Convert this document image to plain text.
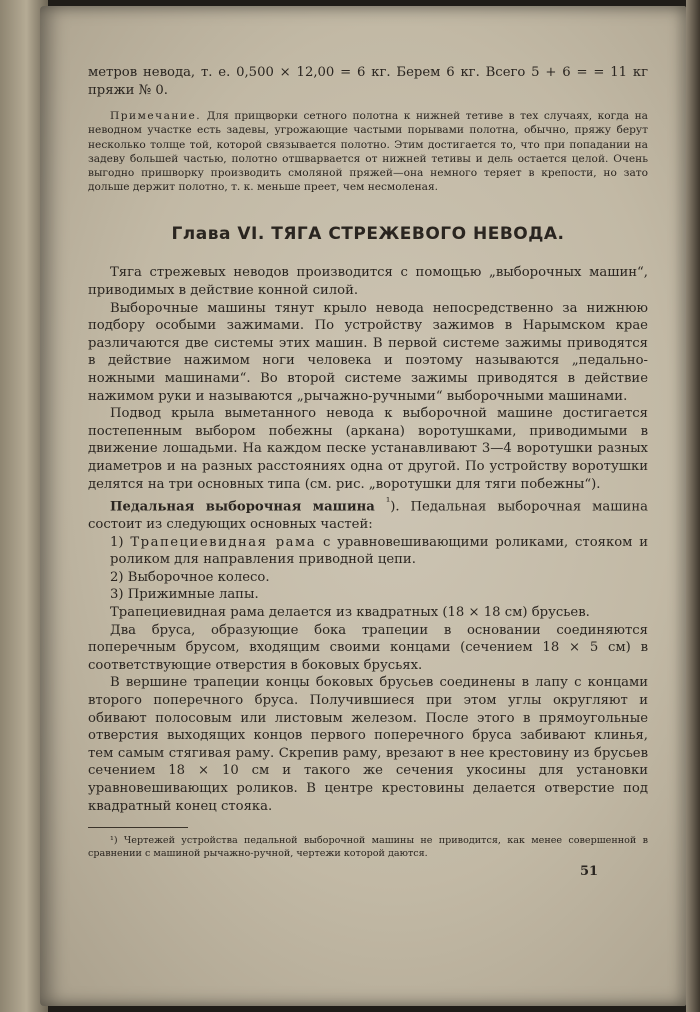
метров невода, т. е. 0,500 × 12,00 = 6 кг. Берем 6 кг. Всего 5 + 6 = = 11 кг пряжи № 0.

Примечание. Для прищворки сетного полотна к нижней тетиве в тех случаях, когда на неводном участке есть задевы, угрожающие частыми порывами полотна, обычно, пряжу берут несколько толще той, которой связывается полотно. Этим достигается то, что при попадании на задеву большей частью, полотно отшварвается от нижней тетивы и дель остается целой. Очень выгодно пришворку производить смоляной пряжей—она немного теряет в крепости, но зато дольше держит полотно, т. к. меньше преет, чем несмоленая.

Глава VI. ТЯГА СТРЕЖЕВОГО НЕВОДА.

Тяга стрежевых неводов производится с помощью „выборочных машин“, приводимых в действие конной силой.

Выборочные машины тянут крыло невода непосредственно за нижнюю подбору особыми зажимами. По устройству зажимов в Нарымском крае различаются две системы этих машин. В первой системе зажимы приводятся в действие нажимом ноги человека и поэтому называются „педально-ножными машинами“. Во второй системе зажимы приводятся в действие нажимом руки и называются „рычажно-ручными“ выборочными машинами.

Подвод крыла выметанного невода к выборочной машине достигается постепенным выбором побежны (аркана) воротушками, приводимыми в движение лошадьми. На каждом песке устанавливают 3—4 воротушки разных диаметров и на разных расстояниях одна от другой. По устройству воротушки делятся на три основных типа (см. рис. „воротушки для тяги побежны“).

Педальная выборочная машина $^{^1}$). Педальная выборочная машина состоит из следующих основных частей:

1) Трапециевидная рама с уравновешивающими роликами, стояком и роликом для направления приводной цепи.

2) Выборочное колесо.

3) Прижимные лапы.

Трапециевидная рама делается из квадратных (18 × 18 см) брусьев.

Два бруса, образующие бока трапеции в основании соединяются поперечным брусом, входящим своими концами (сечением 18 × 5 см) в соответствующие отверстия в боковых брусьях.

В вершине трапеции концы боковых брусьев соединены в лапу с концами второго поперечного бруса. Получившиеся при этом углы округляют и обивают полосовым или листовым железом. После этого в прямоугольные отверстия выходящих концов первого поперечного бруса забивают клинья, тем самым стягивая раму. Скрепив раму, врезают в нее крестовину из брусьев сечением 18 × 10 см и такого же сечения укосины для установки уравновешивающих роликов. В центре крестовины делается отверстие под квадратный конец стояка.

¹) Чертежей устройства педальной выборочной машины не приводится, как менее совершенной в сравнении с машиной рычажно-ручной, чертежи которой даются.

51
